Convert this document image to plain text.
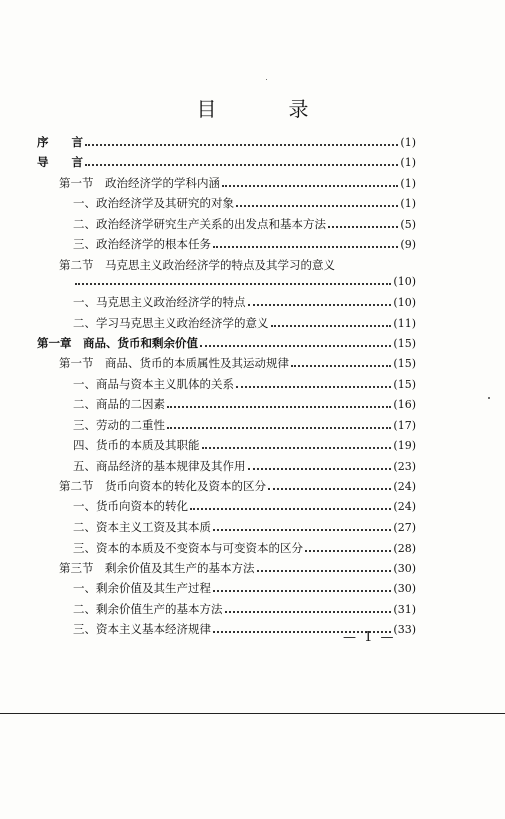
目　录
序　　言	(1)
导　　言	(1)
第一节　政治经济学的学科内涵	(1)
一、政治经济学及其研究的对象	(1)
二、政治经济学研究生产关系的出发点和基本方法	(5)
三、政治经济学的根本任务	(9)
第二节　马克思主义政治经济学的特点及其学习的意义
(10)
一、马克思主义政治经济学的特点	(10)
二、学习马克思主义政治经济学的意义	(11)
第一章　商品、货币和剩余价值	(15)
第一节　商品、货币的本质属性及其运动规律	(15)
一、商品与资本主义肌体的关系	(15)
二、商品的二因素	(16)
三、劳动的二重性	(17)
四、货币的本质及其职能	(19)
五、商品经济的基本规律及其作用	(23)
第二节　货币向资本的转化及资本的区分	(24)
一、货币向资本的转化	(24)
二、资本主义工资及其本质	(27)
三、资本的本质及不变资本与可变资本的区分	(28)
第三节　剩余价值及其生产的基本方法	(30)
一、剩余价值及其生产过程	(30)
二、剩余价值生产的基本方法	(31)
三、资本主义基本经济规律	(33)
— 1 —
